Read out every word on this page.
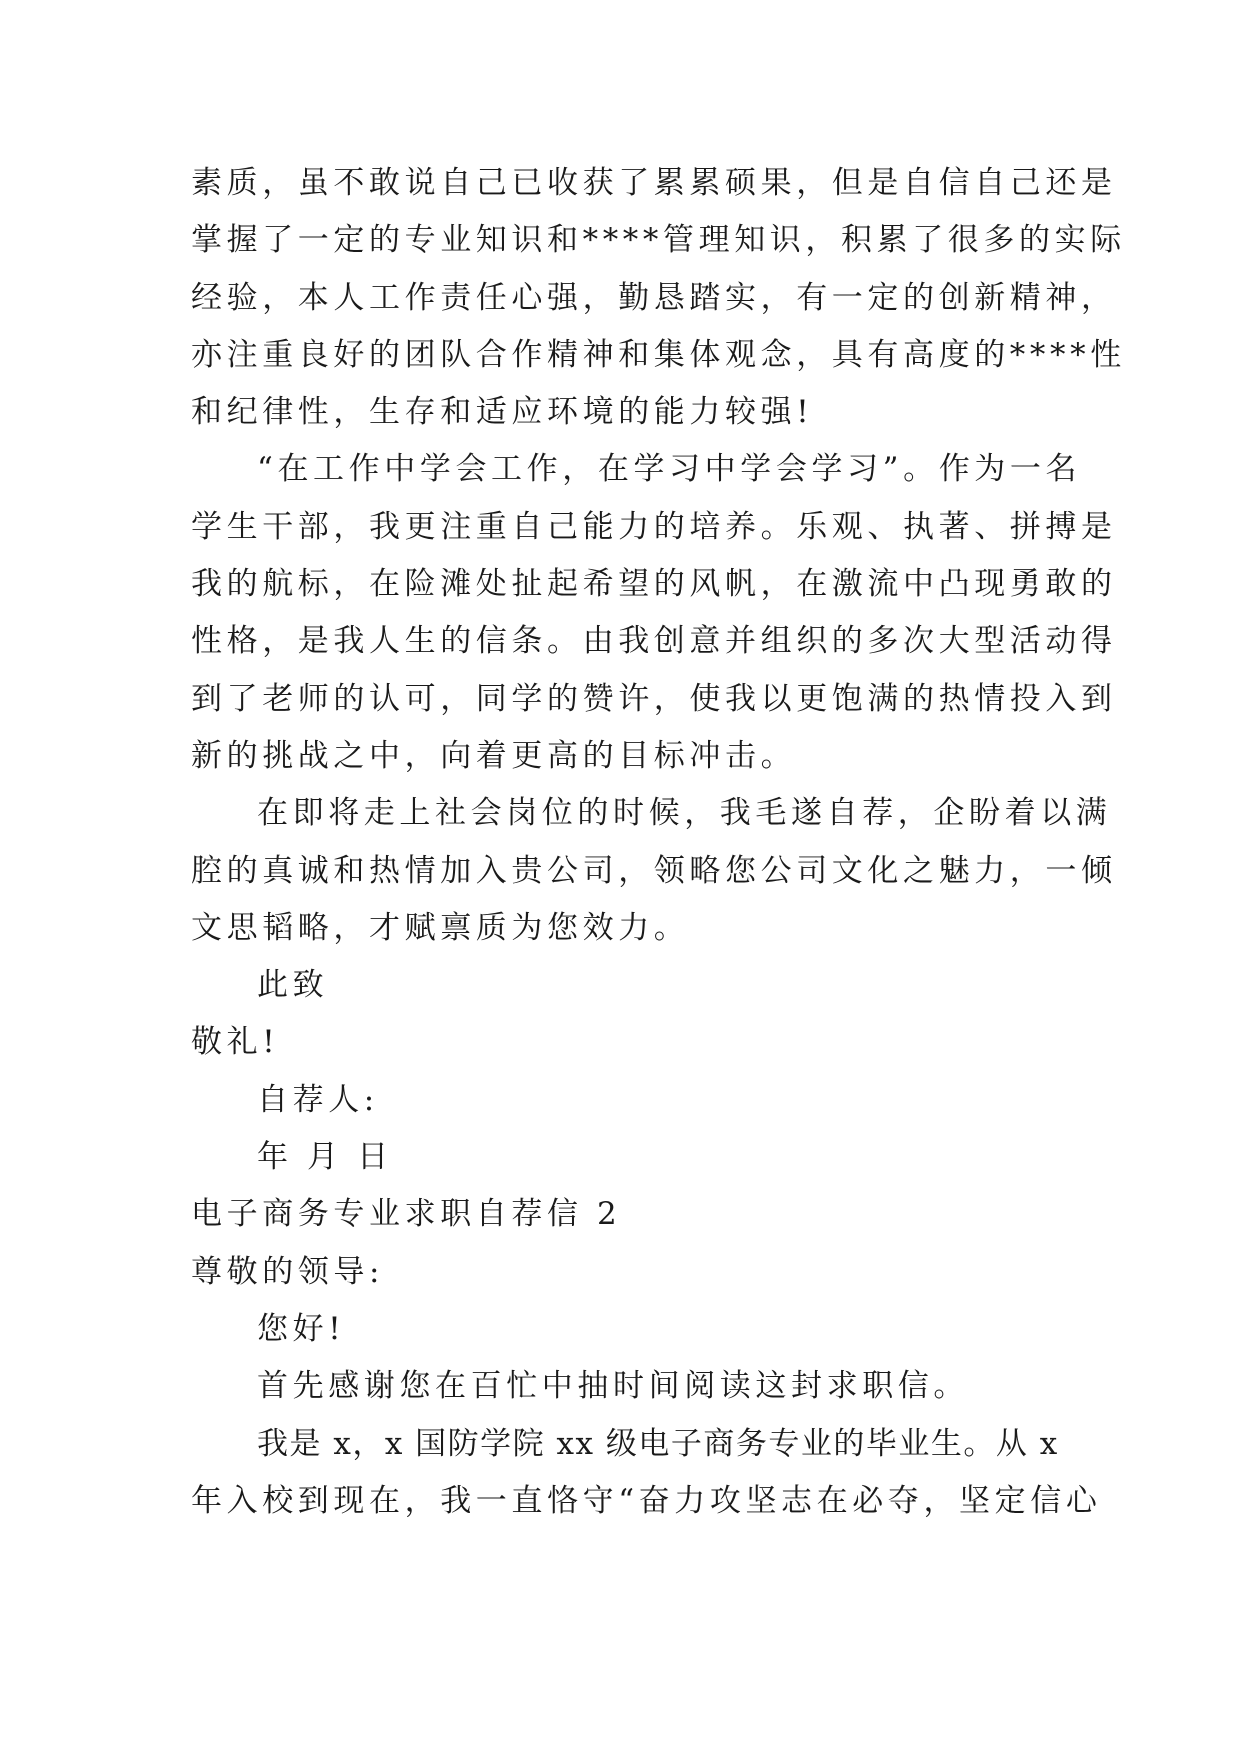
素质，虽不敢说自己已收获了累累硕果，但是自信自己还是
掌握了一定的专业知识和****管理知识，积累了很多的实际
经验，本人工作责任心强，勤恳踏实，有一定的创新精神，
亦注重良好的团队合作精神和集体观念，具有高度的****性
和纪律性，生存和适应环境的能力较强!
“在工作中学会工作，在学习中学会学习”。作为一名
学生干部，我更注重自己能力的培养。乐观、执著、拼搏是
我的航标，在险滩处扯起希望的风帆，在激流中凸现勇敢的
性格，是我人生的信条。由我创意并组织的多次大型活动得
到了老师的认可，同学的赞许，使我以更饱满的热情投入到
新的挑战之中，向着更高的目标冲击。
在即将走上社会岗位的时候，我毛遂自荐，企盼着以满
腔的真诚和热情加入贵公司，领略您公司文化之魅力，一倾
文思韬略，才赋禀质为您效力。
此致
敬礼!
自荐人:
年 月 日
电子商务专业求职自荐信 2
尊敬的领导:
您好!
首先感谢您在百忙中抽时间阅读这封求职信。
我是 x，x 国防学院 xx 级电子商务专业的毕业生。从 x
年入校到现在，我一直恪守“奋力攻坚志在必夺，坚定信心
